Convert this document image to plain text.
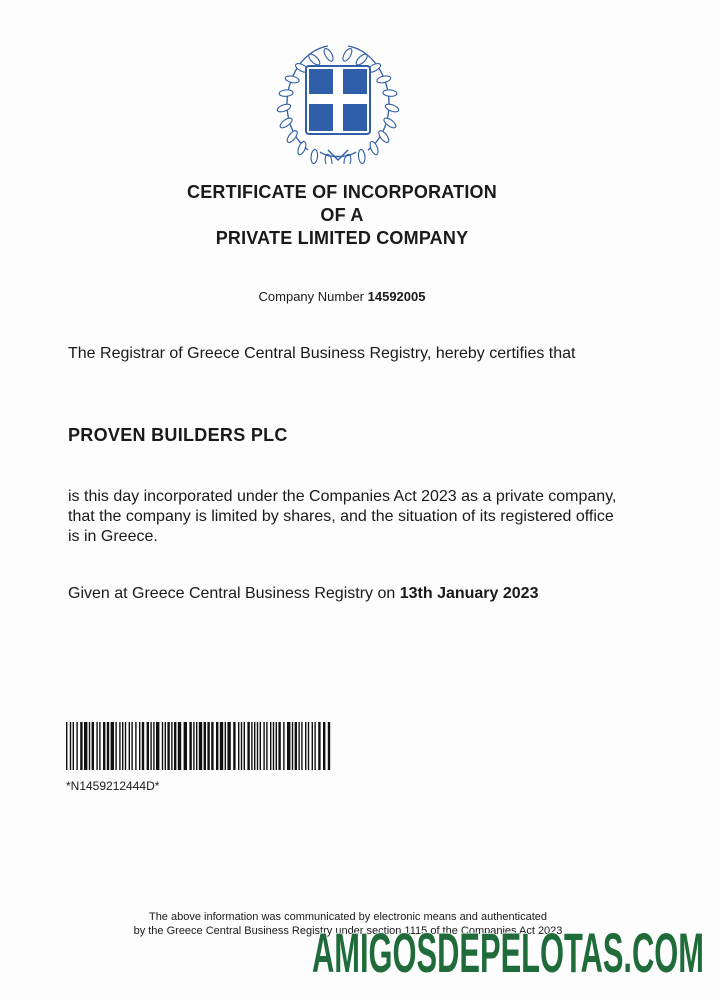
CERTIFICATE OF INCORPORATION
OF A
PRIVATE LIMITED COMPANY
Company Number 14592005
The Registrar of Greece Central Business Registry, hereby certifies that
PROVEN BUILDERS PLC
is this day incorporated under the Companies Act 2023 as a private company, that the company is limited by shares, and the situation of its registered office is in Greece.
Given at Greece Central Business Registry on 13th January 2023
*N1459212444D*
The above information was communicated by electronic means and authenticated
by the Greece Central Business Registry under section 1115 of the Companies Act 2023
AMIGOSDEPELOTAS.COM
